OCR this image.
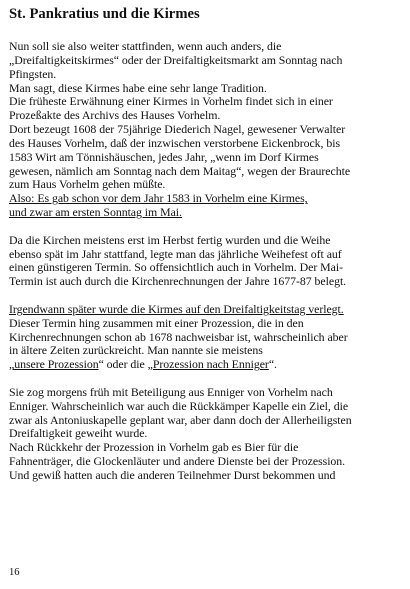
St. Pankratius und die Kirmes

Nun soll sie also weiter stattfinden, wenn auch anders, die
„Dreifaltigkeitskirmes“ oder der Dreifaltigkeitsmarkt am Sonntag nach
Pfingsten.
Man sagt, diese Kirmes habe eine sehr lange Tradition.
Die früheste Erwähnung einer Kirmes in Vorhelm findet sich in einer
Prozeßakte des Archivs des Hauses Vorhelm.
Dort bezeugt 1608 der 75jährige Diederich Nagel, gewesener Verwalter
des Hauses Vorhelm, daß der inzwischen verstorbene Eickenbrock, bis
1583 Wirt am Tönnishäuschen, jedes Jahr, „wenn im Dorf Kirmes
gewesen, nämlich am Sonntag nach dem Maitag“, wegen der Braurechte
zum Haus Vorhelm gehen müßte.
Also: Es gab schon vor dem Jahr 1583 in Vorhelm eine Kirmes,
und zwar am ersten Sonntag im Mai.

Da die Kirchen meistens erst im Herbst fertig wurden und die Weihe
ebenso spät im Jahr stattfand, legte man das jährliche Weihefest oft auf
einen günstigeren Termin. So offensichtlich auch in Vorhelm. Der Mai-
Termin ist auch durch die Kirchenrechnungen der Jahre 1677-87 belegt.

Irgendwann später wurde die Kirmes auf den Dreifaltigkeitstag verlegt.
Dieser Termin hing zusammen mit einer Prozession, die in den
Kirchenrechnungen schon ab 1678 nachweisbar ist, wahrscheinlich aber
in ältere Zeiten zurückreicht. Man nannte sie meistens
„unsere Prozession“ oder die „Prozession nach Enniger“.

Sie zog morgens früh mit Beteiligung aus Enniger von Vorhelm nach
Enniger. Wahrscheinlich war auch die Rückkämper Kapelle ein Ziel, die
zwar als Antoniuskapelle geplant war, aber dann doch der Allerheiligsten
Dreifaltigkeit geweiht wurde.
Nach Rückkehr der Prozession in Vorhelm gab es Bier für die
Fahnenträger, die Glockenläuter und andere Dienste bei der Prozession.
Und gewiß hatten auch die anderen Teilnehmer Durst bekommen und

16
